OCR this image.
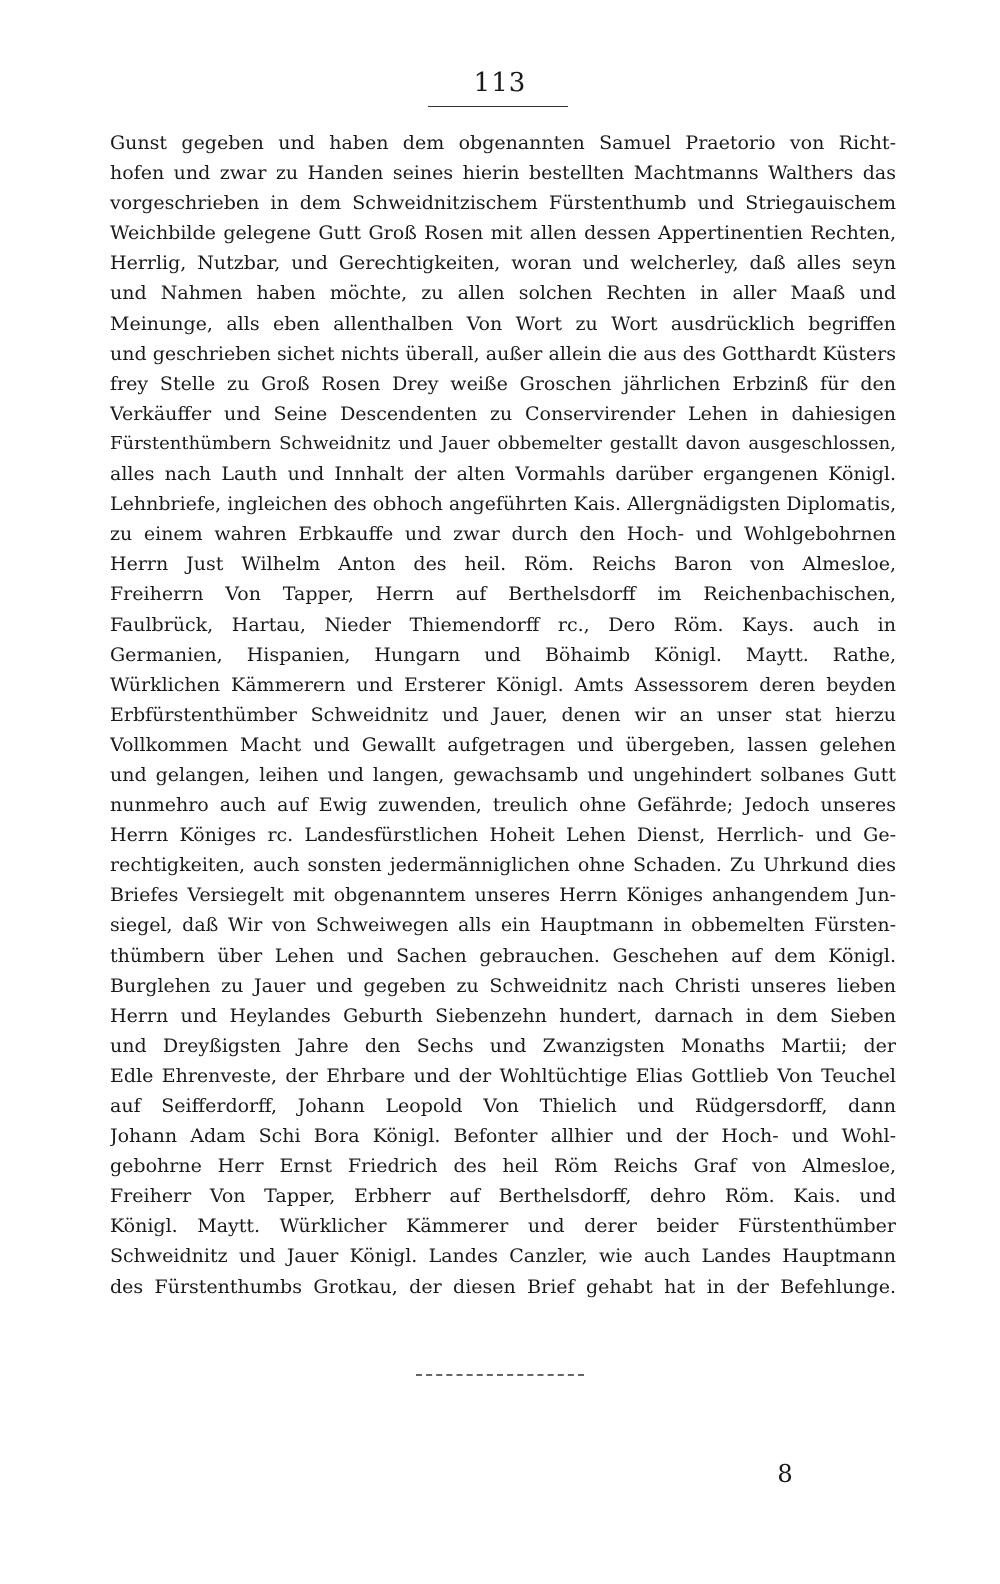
113
Gunst gegeben und haben dem obgenannten Samuel Praetorio von Richt-
hofen und zwar zu Handen seines hierin bestellten Machtmanns Walthers das
vorgeschrieben in dem Schweidnitzischem Fürstenthumb und Striegauischem
Weichbilde gelegene Gutt Groß Rosen mit allen dessen Appertinentien Rechten,
Herrlig, Nutzbar, und Gerechtigkeiten, woran und welcherley, daß alles seyn
und Nahmen haben möchte, zu allen solchen Rechten in aller Maaß und
Meinunge, alls eben allenthalben Von Wort zu Wort ausdrücklich begriffen
und geschrieben sichet nichts überall, außer allein die aus des Gotthardt Küsters
frey Stelle zu Groß Rosen Drey weiße Groschen jährlichen Erbzinß für den
Verkäuffer und Seine Descendenten zu Conservirender Lehen in dahiesigen
Fürstenthümbern Schweidnitz und Jauer obbemelter gestallt davon ausgeschlossen,
alles nach Lauth und Innhalt der alten Vormahls darüber ergangenen Königl.
Lehnbriefe, ingleichen des obhoch angeführten Kais. Allergnädigsten Diplomatis,
zu einem wahren Erbkauffe und zwar durch den Hoch- und Wohlgebohrnen
Herrn Just Wilhelm Anton des heil. Röm. Reichs Baron von Almesloe,
Freiherrn Von Tapper, Herrn auf Berthelsdorff im Reichenbachischen,
Faulbrück, Hartau, Nieder Thiemendorff rc., Dero Röm. Kays. auch in
Germanien, Hispanien, Hungarn und Böhaimb Königl. Maytt. Rathe,
Würklichen Kämmerern und Ersterer Königl. Amts Assessorem deren beyden
Erbfürstenthümber Schweidnitz und Jauer, denen wir an unser stat hierzu
Vollkommen Macht und Gewallt aufgetragen und übergeben, lassen gelehen
und gelangen, leihen und langen, gewachsamb und ungehindert solbanes Gutt
nunmehro auch auf Ewig zuwenden, treulich ohne Gefährde; Jedoch unseres
Herrn Königes rc. Landesfürstlichen Hoheit Lehen Dienst, Herrlich- und Ge-
rechtigkeiten, auch sonsten jedermänniglichen ohne Schaden. Zu Uhrkund dies
Briefes Versiegelt mit obgenanntem unseres Herrn Königes anhangendem Jun-
siegel, daß Wir von Schweiwegen alls ein Hauptmann in obbemelten Fürsten-
thümbern über Lehen und Sachen gebrauchen. Geschehen auf dem Königl.
Burglehen zu Jauer und gegeben zu Schweidnitz nach Christi unseres lieben
Herrn und Heylandes Geburth Siebenzehn hundert, darnach in dem Sieben
und Dreyßigsten Jahre den Sechs und Zwanzigsten Monaths Martii; der
Edle Ehrenveste, der Ehrbare und der Wohltüchtige Elias Gottlieb Von Teuchel
auf Seifferdorff, Johann Leopold Von Thielich und Rüdgersdorff, dann
Johann Adam Schi Bora Königl. Befonter allhier und der Hoch- und Wohl-
gebohrne Herr Ernst Friedrich des heil Röm Reichs Graf von Almesloe,
Freiherr Von Tapper, Erbherr auf Berthelsdorff, dehro Röm. Kais. und
Königl. Maytt. Würklicher Kämmerer und derer beider Fürstenthümber
Schweidnitz und Jauer Königl. Landes Canzler, wie auch Landes Hauptmann
des Fürstenthumbs Grotkau, der diesen Brief gehabt hat in der Befehlunge.
8
